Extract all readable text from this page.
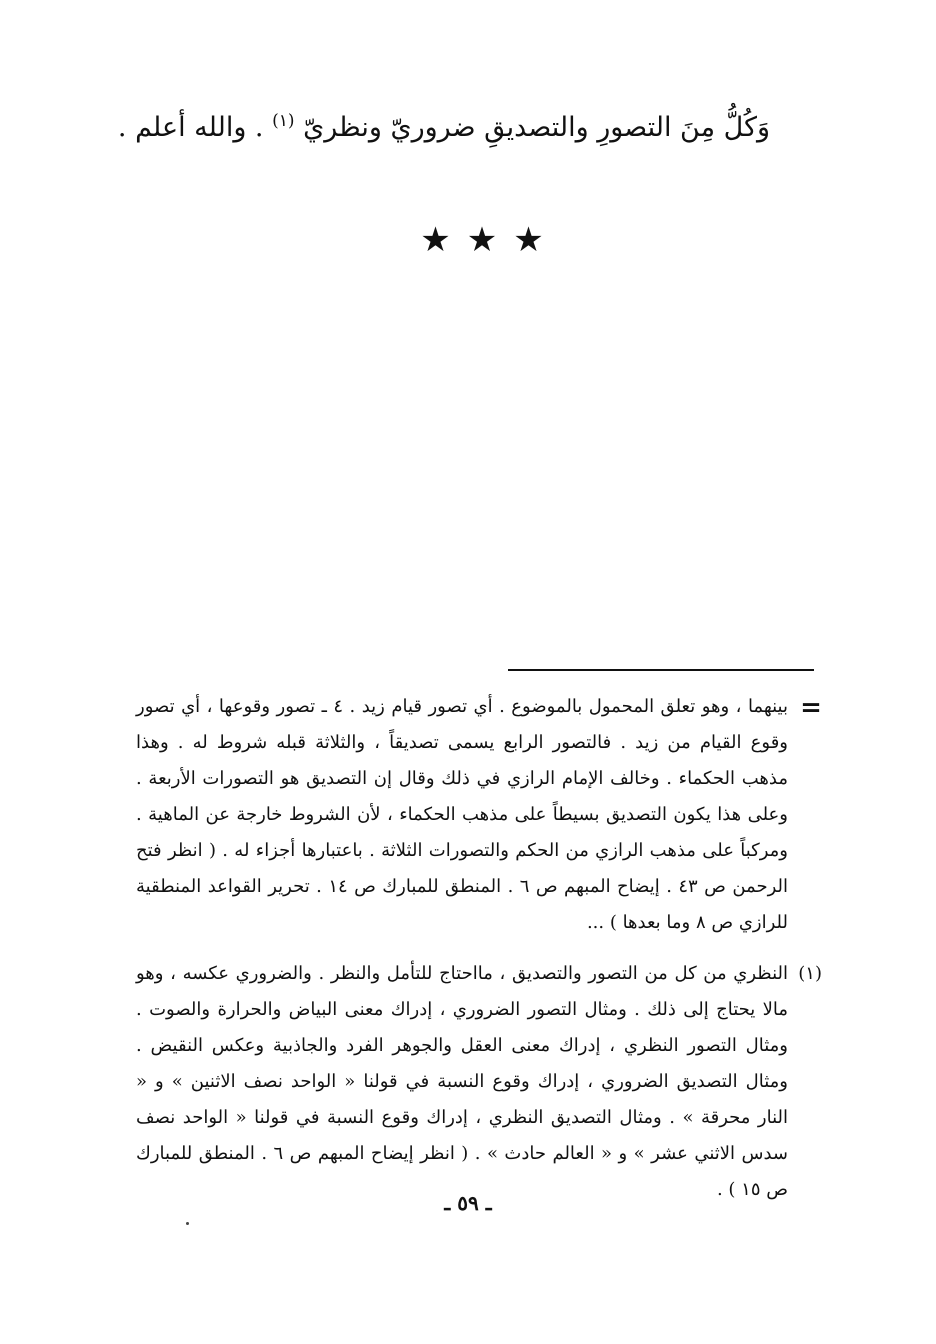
وَكُلُّ مِنَ التصورِ والتصديقِ ضروريّ ونظريّ $^{(١)}$ . والله أعلم .
★★★
=
بينهما ، وهو تعلق المحمول بالموضوع . أي تصور قيام زيد . ٤ ـ تصور وقوعها ، أي تصور وقوع القيام من زيد . فالتصور الرابع يسمى تصديقاً ، والثلاثة قبله شروط له . وهذا مذهب الحكماء . وخالف الإمام الرازي في ذلك وقال إن التصديق هو التصورات الأربعة . وعلى هذا يكون التصديق بسيطاً على مذهب الحكماء ، لأن الشروط خارجة عن الماهية . ومركباً على مذهب الرازي من الحكم والتصورات الثلاثة . باعتبارها أجزاء له . ( انظر فتح الرحمن ص ٤٣ . إيضاح المبهم ص ٦ . المنطق للمبارك ص ١٤ . تحرير القواعد المنطقية للرازي ص ٨ وما بعدها ) ...
(١)
النظري من كل من التصور والتصديق ، مااحتاج للتأمل والنظر . والضروري عكسه ، وهو مالا يحتاج إلى ذلك . ومثال التصور الضروري ، إدراك معنى البياض والحرارة والصوت . ومثال التصور النظري ، إدراك معنى العقل والجوهر الفرد والجاذبية وعكس النقيض . ومثال التصديق الضروري ، إدراك وقوع النسبة في قولنا « الواحد نصف الاثنين » و « النار محرقة » . ومثال التصديق النظري ، إدراك وقوع النسبة في قولنا « الواحد نصف سدس الاثني عشر » و « العالم حادث » . ( انظر إيضاح المبهم ص ٦ . المنطق للمبارك ص ١٥ ) .
ـ ٥٩ ـ
